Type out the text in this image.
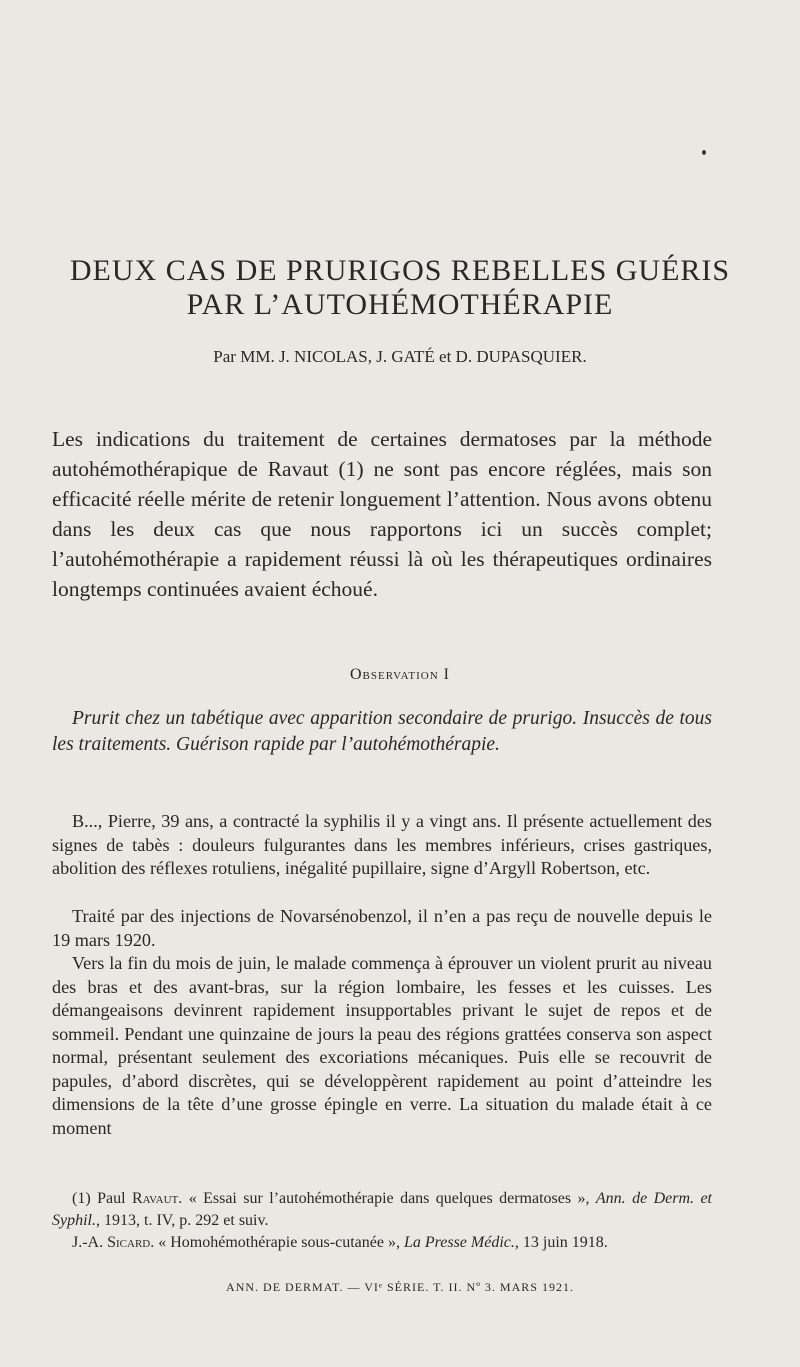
DEUX CAS DE PRURIGOS REBELLES GUÉRIS
PAR L’AUTOHÉMOTHÉRAPIE
Par MM. J. NICOLAS, J. GATÉ et D. DUPASQUIER.

Les indications du traitement de certaines dermatoses par la méthode autohémothérapique de Ravaut (1) ne sont pas encore réglées, mais son efficacité réelle mérite de retenir longuement l’attention. Nous avons obtenu dans les deux cas que nous rapportons ici un succès complet; l’autohémothérapie a rapidement réussi là où les thérapeutiques ordinaires longtemps continuées avaient échoué.

Observation I

Prurit chez un tabétique avec apparition secondaire de prurigo. Insuccès de tous les traitements. Guérison rapide par l’autohémothérapie.

B..., Pierre, 39 ans, a contracté la syphilis il y a vingt ans. Il présente actuellement des signes de tabès : douleurs fulgurantes dans les membres inférieurs, crises gastriques, abolition des réflexes rotuliens, inégalité pupillaire, signe d’Argyll Robertson, etc.

Traité par des injections de Novarsénobenzol, il n’en a pas reçu de nouvelle depuis le 19 mars 1920.

Vers la fin du mois de juin, le malade commença à éprouver un violent prurit au niveau des bras et des avant-bras, sur la région lombaire, les fesses et les cuisses. Les démangeaisons devinrent rapidement insupportables privant le sujet de repos et de sommeil. Pendant une quinzaine de jours la peau des régions grattées conserva son aspect normal, présentant seulement des excoriations mécaniques. Puis elle se recouvrit de papules, d’abord discrètes, qui se développèrent rapidement au point d’atteindre les dimensions de la tête d’une grosse épingle en verre. La situation du malade était à ce moment

(1) Paul Ravaut. « Essai sur l’autohémothérapie dans quelques dermatoses », Ann. de Derm. et Syphil., 1913, t. IV, p. 292 et suiv.

J.-A. Sicard. « Homohémothérapie sous-cutanée », La Presse Médic., 13 juin 1918.

ANN. DE DERMAT. — VIᵉ SÉRIE. T. II. Nº 3. MARS 1921.
